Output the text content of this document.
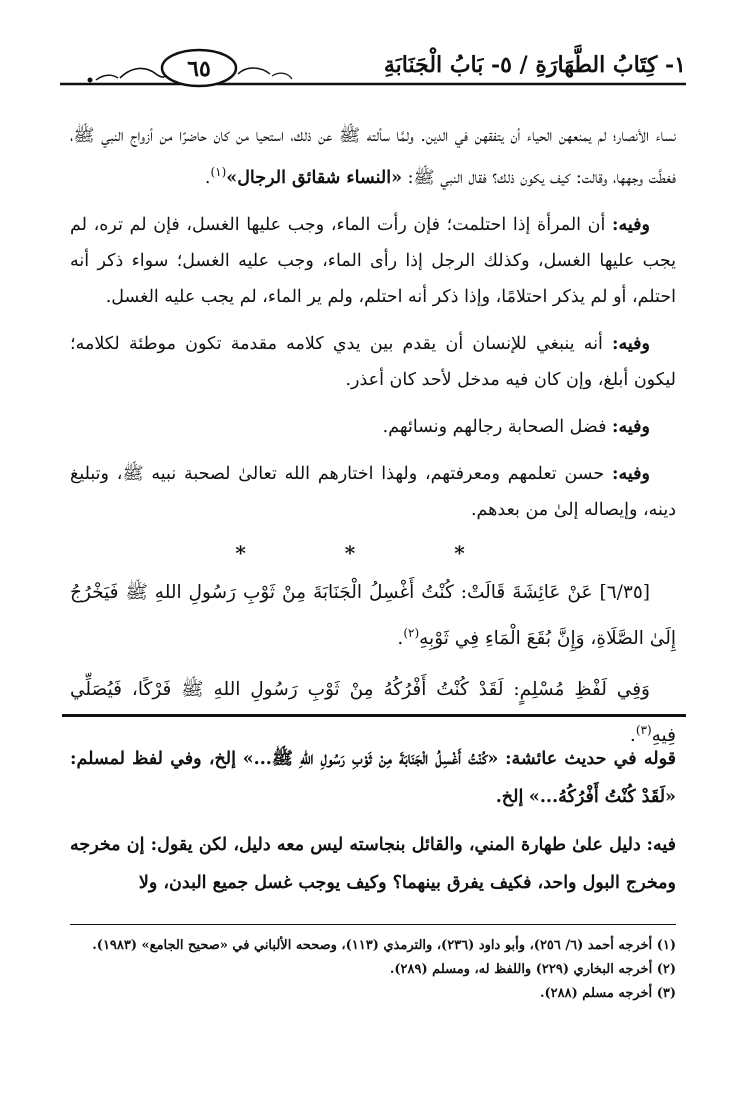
٦٥	١- كِتَابُ الطَّهَارَةِ / ٥- بَابُ الْجَنَابَةِ

نساء الأنصار؛ لم يمنعهن الحياء أن يتفقهن في الدين. ولمَّا سألته ﷺ عن ذلك، استحيا من كان حاضرًا من أزواج النبي ﷺ، فغطَّت وجهها، وقالت: كيف يكون ذلك؟ فقال النبي ﷺ: «النساء شقائق الرجال»$^{(١)}$.

وفيه: أن المرأة إذا احتلمت؛ فإن رأت الماء، وجب عليها الغسل، فإن لم تره، لم يجب عليها الغسل، وكذلك الرجل إذا رأى الماء، وجب عليه الغسل؛ سواء ذكر أنه احتلم، أو لم يذكر احتلامًا، وإذا ذكر أنه احتلم، ولم ير الماء، لم يجب عليه الغسل.

وفيه: أنه ينبغي للإنسان أن يقدم بين يدي كلامه مقدمة تكون موطئة لكلامه؛ ليكون أبلغ، وإن كان فيه مدخل لأحد كان أعذر.

وفيه: فضل الصحابة رجالهم ونسائهم.

وفيه: حسن تعلمهم ومعرفتهم، ولهذا اختارهم الله تعالىٰ لصحبة نبيه ﷺ، وتبليغ دينه، وإيصاله إلىٰ من بعدهم.

* * *

[٦/٣٥] عَنْ عَائِشَةَ قَالَتْ: كُنْتُ أَغْسِلُ الْجَنَابَةَ مِنْ ثَوْبِ رَسُولِ اللهِ ﷺ فَيَخْرُجُ إِلَىٰ الصَّلَاةِ، وَإِنَّ بُقَعَ الْمَاءِ فِي ثَوْبِهِ$^{(٢)}$.

وَفِي لَفْظِ مُسْلِمٍ: لَقَدْ كُنْتُ أَفْرُكُهُ مِنْ ثَوْبِ رَسُولِ اللهِ ﷺ فَرْكًا، فَيُصَلِّي فِيهِ$^{(٣)}$.

قوله في حديث عائشة: «كُنْتُ أَغْسِلُ الْجَنَابَةَ مِنْ ثَوْبِ رَسُولِ اللهِ ﷺ...» إلخ، وفي لفظ لمسلم: «لَقَدْ كُنْتُ أَفْرُكُهُ...» إلخ.

فيه: دليل علىٰ طهارة المني، والقائل بنجاسته ليس معه دليل، لكن يقول: إن مخرجه ومخرج البول واحد، فكيف يفرق بينهما؟ وكيف يوجب غسل جميع البدن، ولا

(١) أخرجه أحمد (٦/ ٢٥٦)، وأبو داود (٢٣٦)، والترمذي (١١٣)، وصححه الألباني في «صحيح الجامع» (١٩٨٣).
(٢) أخرجه البخاري (٢٢٩) واللفظ له، ومسلم (٢٨٩).
(٣) أخرجه مسلم (٢٨٨).
